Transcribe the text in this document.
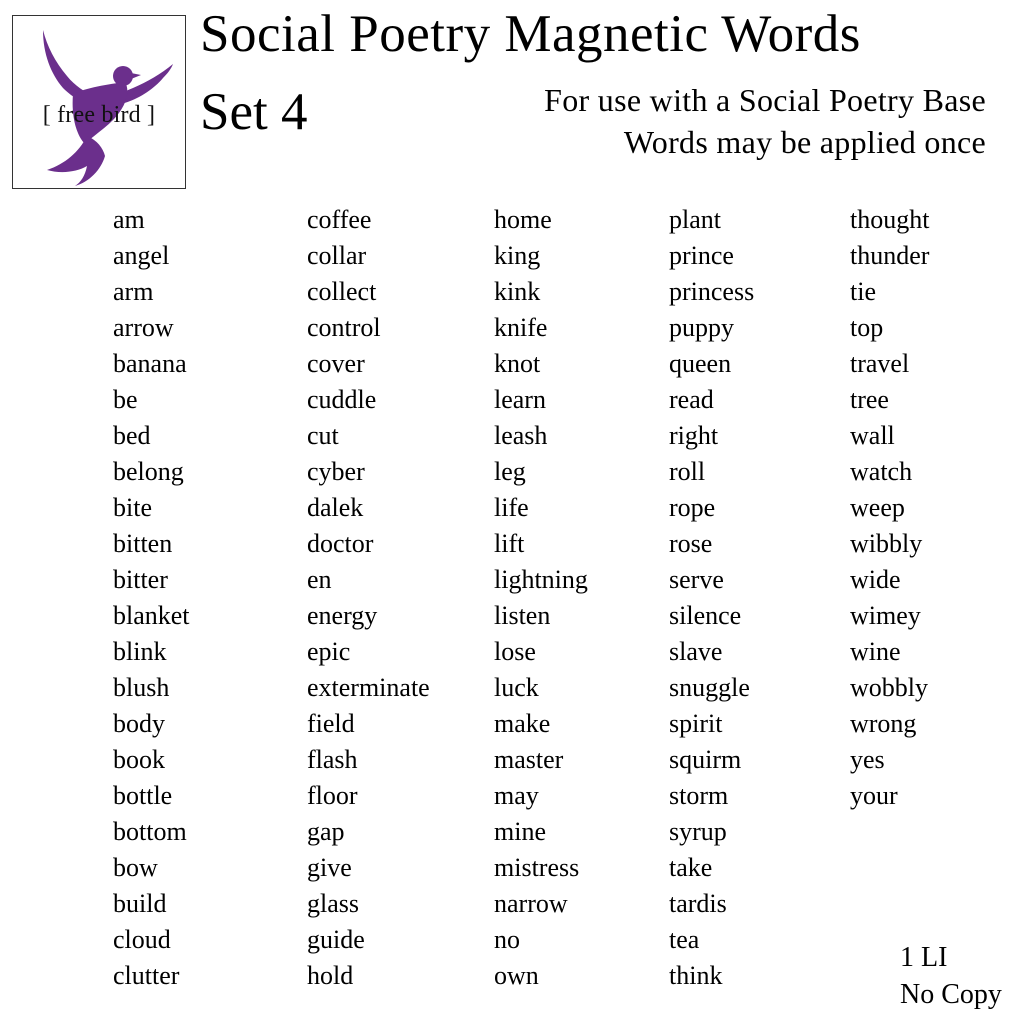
[ free bird ]
Social Poetry Magnetic Words
Set 4	For use with a Social Poetry Base
Words may be applied once
am
angel
arm
arrow
banana
be
bed
belong
bite
bitten
bitter
blanket
blink
blush
body
book
bottle
bottom
bow
build
cloud
clutter
coffee
collar
collect
control
cover
cuddle
cut
cyber
dalek
doctor
en
energy
epic
exterminate
field
flash
floor
gap
give
glass
guide
hold
home
king
kink
knife
knot
learn
leash
leg
life
lift
lightning
listen
lose
luck
make
master
may
mine
mistress
narrow
no
own
plant
prince
princess
puppy
queen
read
right
roll
rope
rose
serve
silence
slave
snuggle
spirit
squirm
storm
syrup
take
tardis
tea
think
thought
thunder
tie
top
travel
tree
wall
watch
weep
wibbly
wide
wimey
wine
wobbly
wrong
yes
your
1 LI
No Copy
